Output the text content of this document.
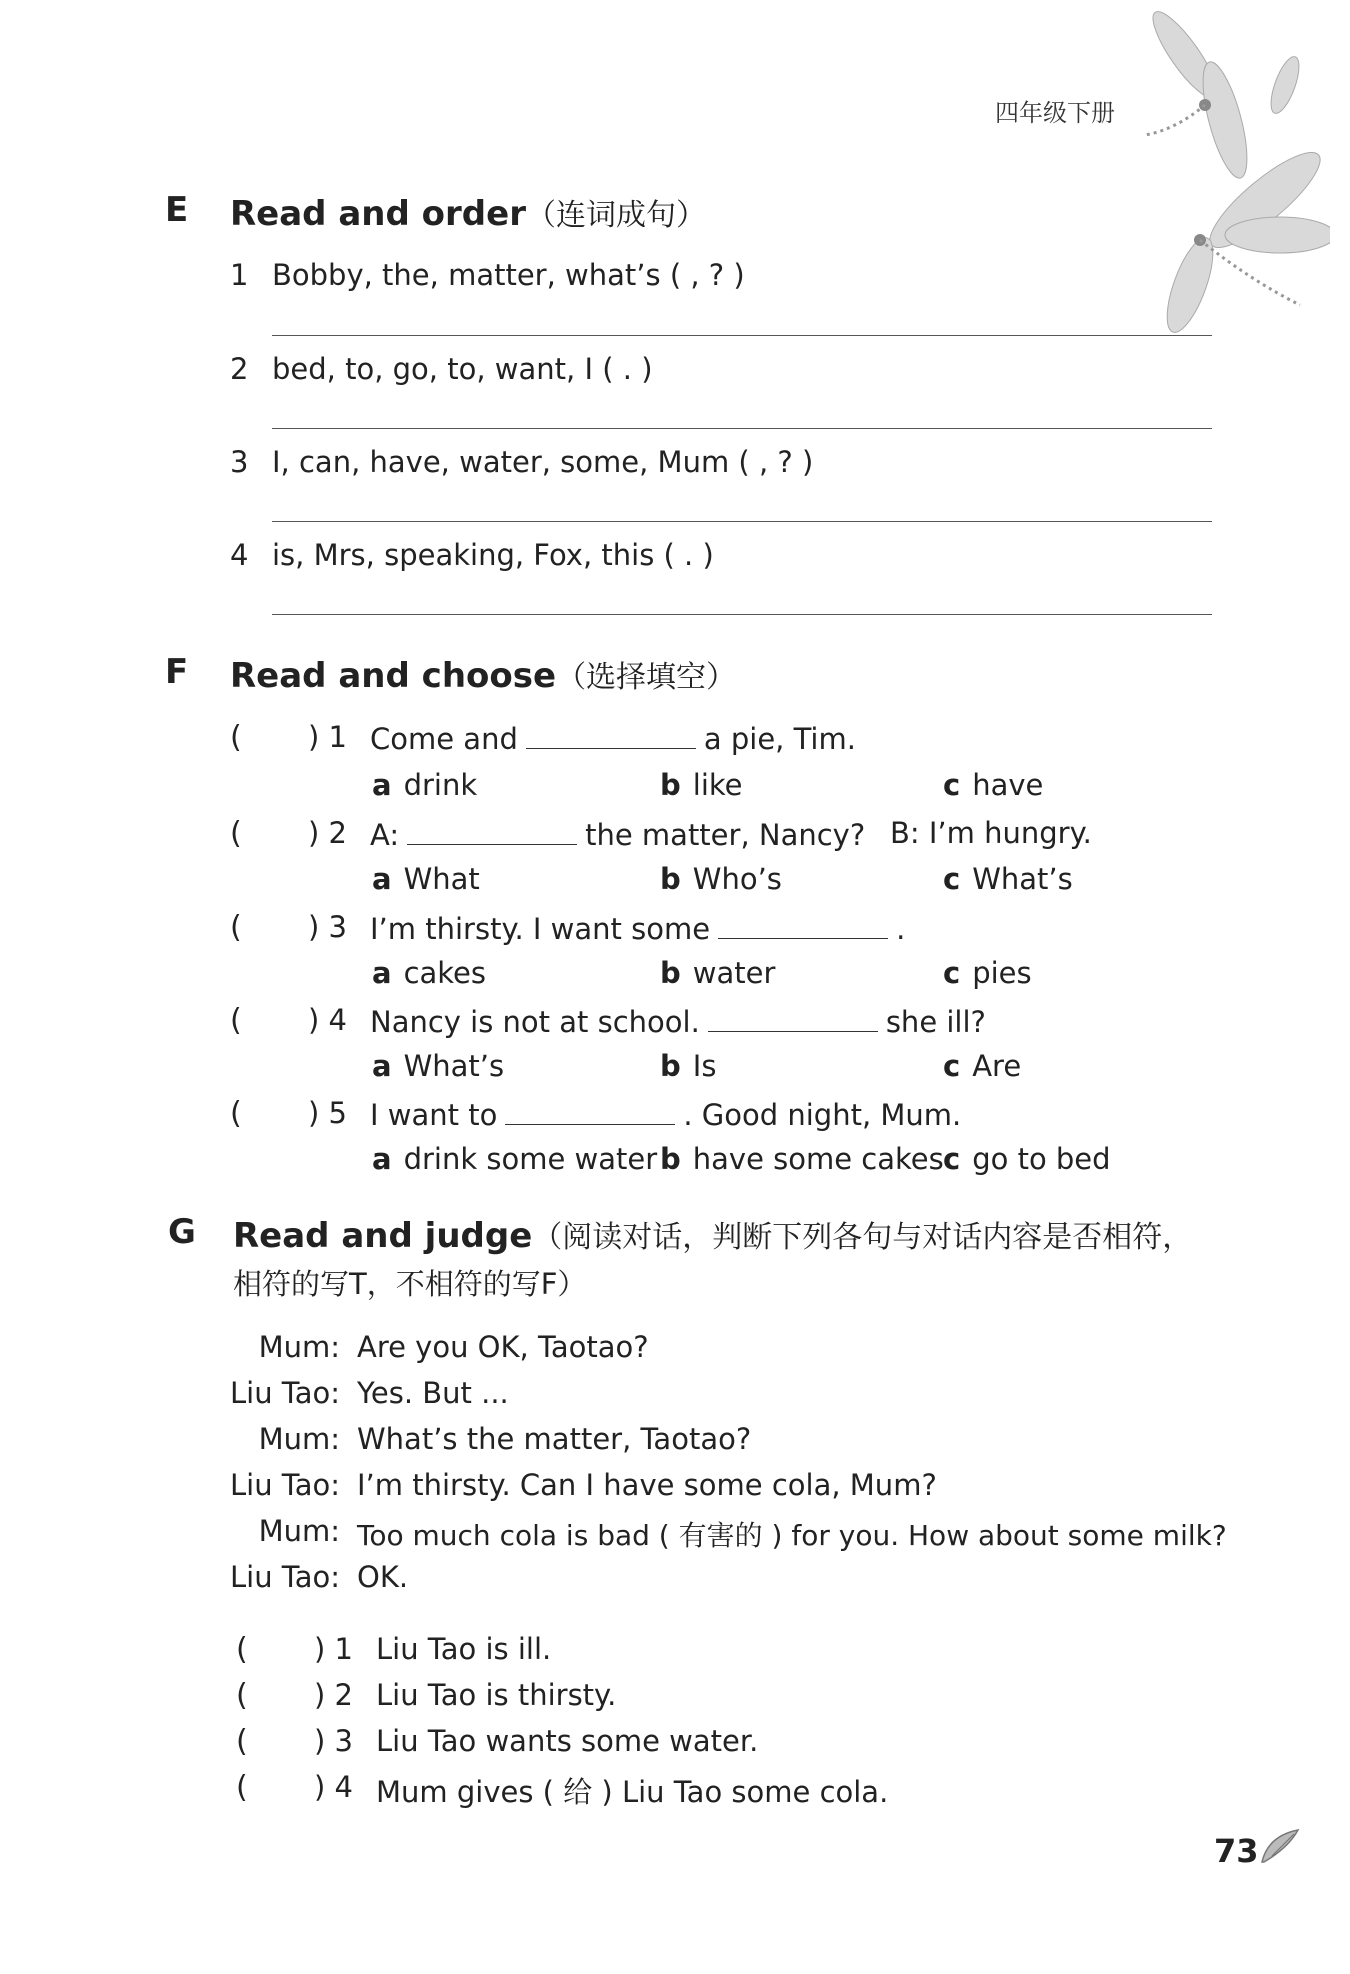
四年级下册
E Read and order（连词成句）
1 Bobby, the, matter, what’s ( , ? )
2 bed, to, go, to, want, I ( . )
3 I, can, have, water, some, Mum ( , ? )
4 is, Mrs, speaking, Fox, this ( . )
F Read and choose（选择填空）
( ) 1 Come and	a pie, Tim.
a drink	b like	c have
( ) 2 A:	the matter, Nancy? B: I’m hungry.
a What	b Who’s	c What’s
( ) 3 I’m thirsty. I want some	.
a cakes	b water	c pies
( ) 4 Nancy is not at school.	she ill?
a What’s	b Is	c Are
( ) 5 I want to	. Good night, Mum.
a drink some water b have some cakes c go to bed
G Read and judge（阅读对话，判断下列各句与对话内容是否相符，
相符的写T，不相符的写F）
Mum: Are you OK, Taotao?
Liu Tao: Yes. But ...
Mum: What’s the matter, Taotao?
Liu Tao: I’m thirsty. Can I have some cola, Mum?
Mum: Too much cola is bad ( 有害的 ) for you. How about some milk?
Liu Tao: OK.
( ) 1 Liu Tao is ill.
( ) 2 Liu Tao is thirsty.
( ) 3 Liu Tao wants some water.
( ) 4 Mum gives ( 给 ) Liu Tao some cola.
73
